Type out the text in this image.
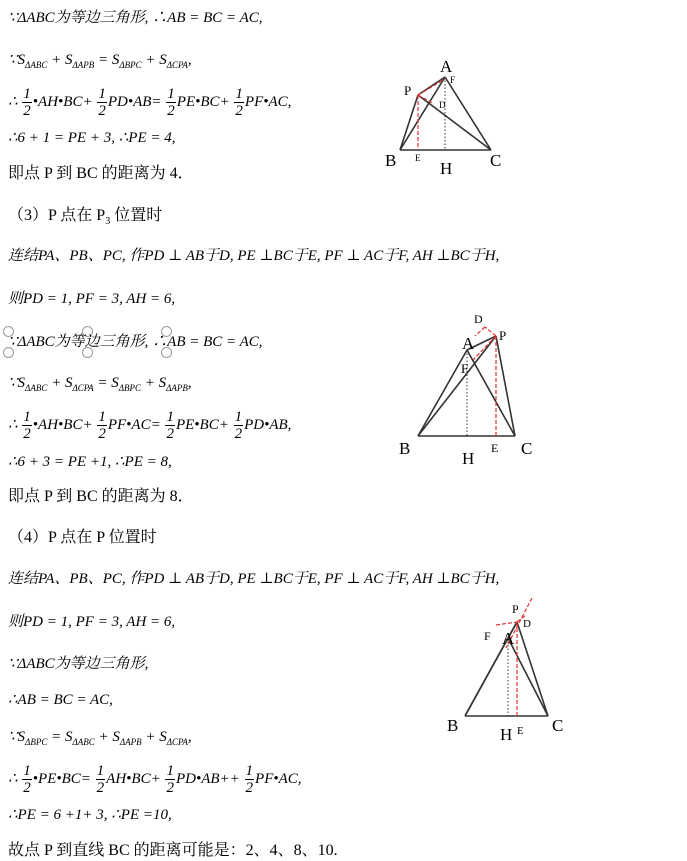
∵ΔABC为等边三角形, ∴AB = BC = AC,
$\because S_{\Delta ABC} + S_{\Delta APB} = S_{\Delta BPC} + S_{\Delta CPA}$,
∴ $\frac{1}{2}$ •AH•BC+ $\frac{1}{2}$ PD•AB= $\frac{1}{2}$ PE•BC+ $\frac{1}{2}$ PF•AC,
∴6 + 1 = PE + 3, ∴PE = 4,
即点 P 到 BC 的距离为 4．
A
P
F
D
B E
H C
（3）P 点在 $P_3$ 位置时
连结PA、PB、PC, 作PD ⊥ AB于D, PE ⊥BC于E, PF ⊥ AC于F, AH ⊥BC于H,
则PD = 1, PF = 3, AH = 6,
∵ΔABC为等边三角形, ∴AB = BC = AC,
$\because S_{\Delta ABC} + S_{\Delta CPA} = S_{\Delta BPC} + S_{\Delta APB}$,
∴ $\frac{1}{2}$ •AH•BC+ $\frac{1}{2}$ PF•AC= $\frac{1}{2}$ PE•BC+ $\frac{1}{2}$ PD•AB,
∴6 + 3 = PE +1, ∴PE = 8,
即点 P 到 BC 的距离为 8．
D
P
A
F
B
H
E C
（4）P 点在 P 位置时
连结PA、PB、PC, 作PD ⊥ AB于D, PE ⊥BC于E, PF ⊥ AC于F, AH ⊥BC于H,
则PD = 1, PF = 3, AH = 6,
∵ΔABC为等边三角形,
∴AB = BC = AC,
$\because S_{\Delta BPC} = S_{\Delta ABC} + S_{\Delta APB} + S_{\Delta CPA}$,
∴ $\frac{1}{2}$ •PE•BC= $\frac{1}{2}$ AH•BC+ $\frac{1}{2}$ PD•AB++ $\frac{1}{2}$ PF•AC,
∴PE = 6 +1+ 3, ∴PE =10,
故点 P 到直线 BC 的距离可能是：2、4、8、10.
P
D
F A
B H E C
